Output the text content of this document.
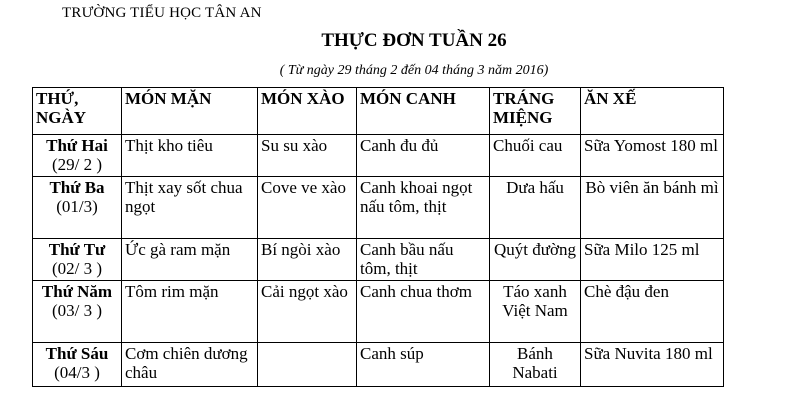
TRƯỜNG TIỂU HỌC TÂN AN
THỰC ĐƠN TUẦN 26
( Từ ngày 29 tháng 2 đến 04 tháng 3 năm 2016)
THỨ, NGÀY	MÓN MẶN	MÓN XÀO	MÓN CANH	TRÁNG MIỆNG	ĂN XẾ

Thứ Hai
(29/ 2 )	Thịt kho tiêu	Su su xào	Canh đu đủ	Chuối cau	Sữa Yomost 180 ml

Thứ Ba
(01/3)	Thịt xay sốt chua ngọt	Cove ve xào	Canh khoai ngọt nấu tôm, thịt	Dưa hấu	Bò viên ăn bánh mì

Thứ Tư
(02/ 3 )	Ức gà ram mặn	Bí ngòi xào	Canh bầu nấu tôm, thịt	Quýt đường	Sữa Milo 125 ml

Thứ Năm
(03/ 3 )	Tôm rim mặn	Cải ngọt xào	Canh chua thơm	Táo xanh Việt Nam	Chè đậu đen

Thứ Sáu
(04/3 )	Cơm chiên dương châu		Canh súp	Bánh Nabati	Sữa Nuvita 180 ml
